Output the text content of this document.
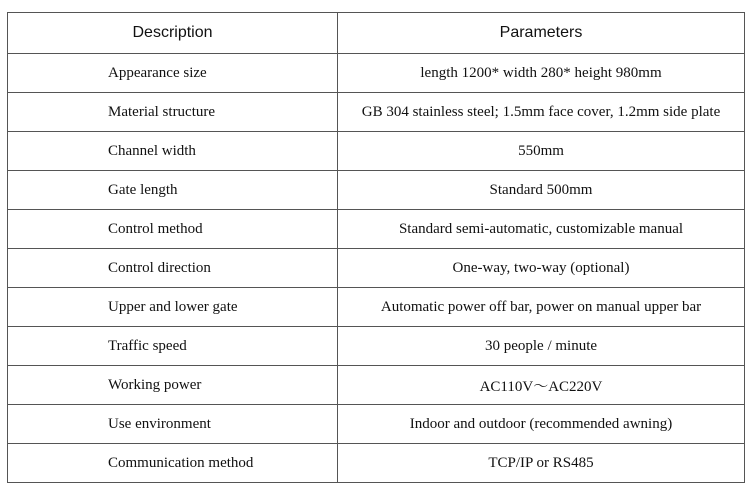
Description	Parameters
Appearance size	length 1200* width 280* height 980mm
Material structure	GB 304 stainless steel; 1.5mm face cover, 1.2mm side plate
Channel width	550mm
Gate length	Standard 500mm
Control method	Standard semi-automatic, customizable manual
Control direction	One-way, two-way (optional)
Upper and lower gate	Automatic power off bar, power on manual upper bar
Traffic speed	30 people / minute
Working power	AC110V～AC220V
Use environment	Indoor and outdoor (recommended awning)
Communication method	TCP/IP or RS485
